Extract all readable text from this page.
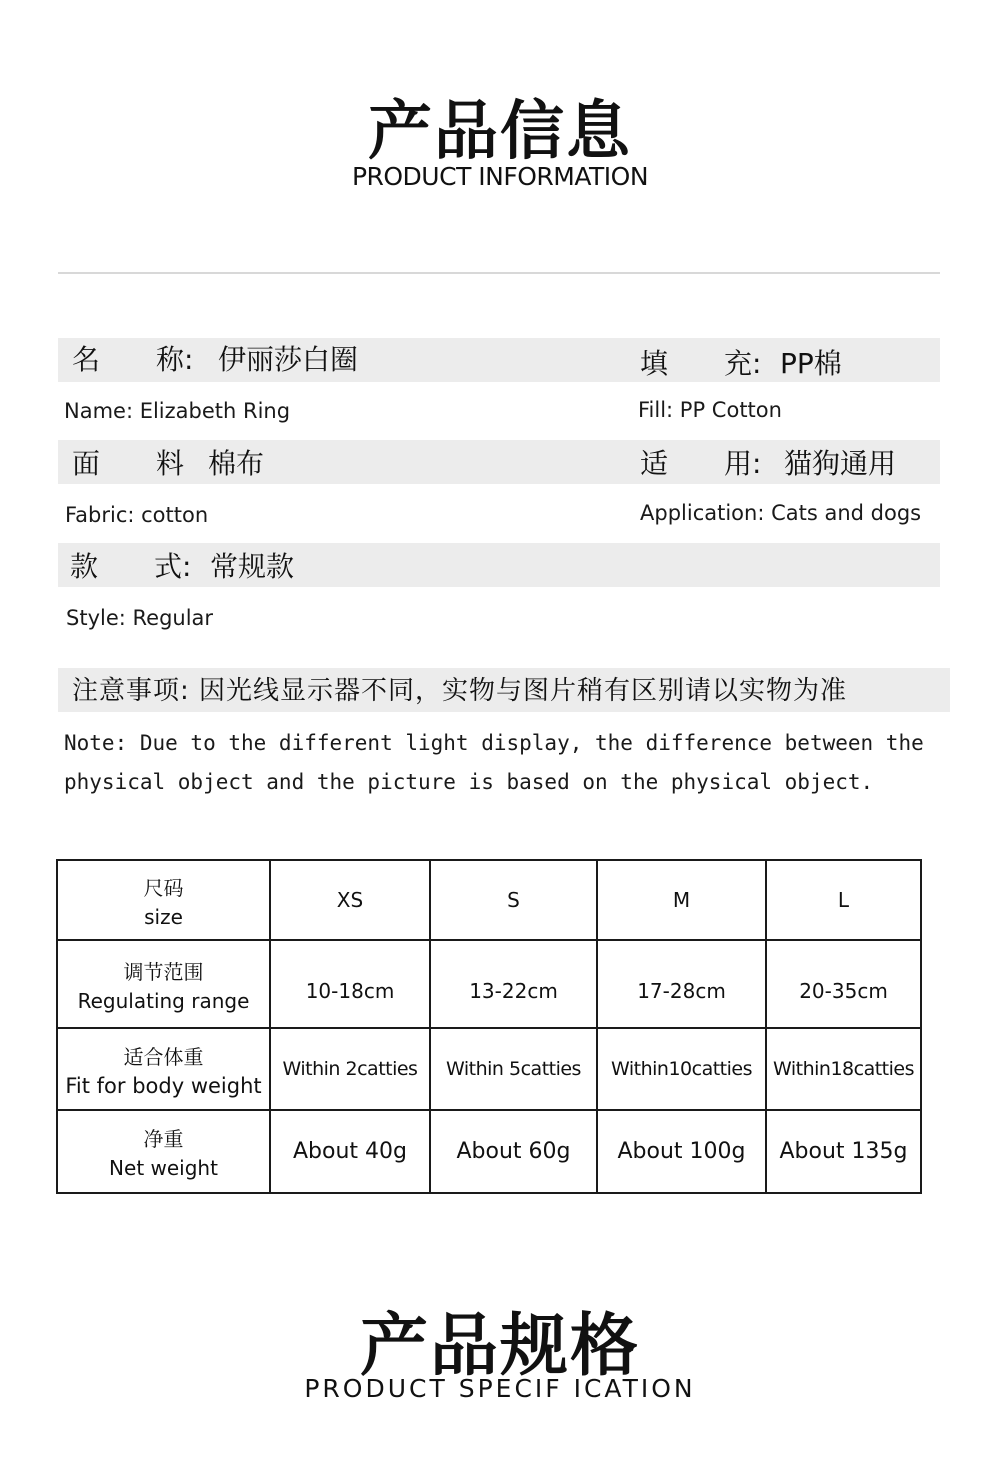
产品信息
PRODUCT INFORMATION
名　　称: 伊丽莎白圈	填　　充: PP棉
Name: Elizabeth Ring	Fill: PP Cotton
面　　料 棉布	适　　用: 猫狗通用
Fabric: cotton	Application: Cats and dogs
款　　式: 常规款
Style: Regular
注意事项: 因光线显示器不同，实物与图片稍有区别请以实物为准
Note: Due to the different light display, the difference between the
physical object and the picture is based on the physical object.
尺码
size	XS	S	M	L

调节范围
Regulating range	10-18cm	13-22cm	17-28cm	20-35cm

适合体重
Fit for body weight	Within 2catties	Within 5catties	Within10catties	Within18catties

净重
Net weight	About 40g	About 60g	About 100g	About 135g
产品规格
PRODUCT SPECIF ICATION
